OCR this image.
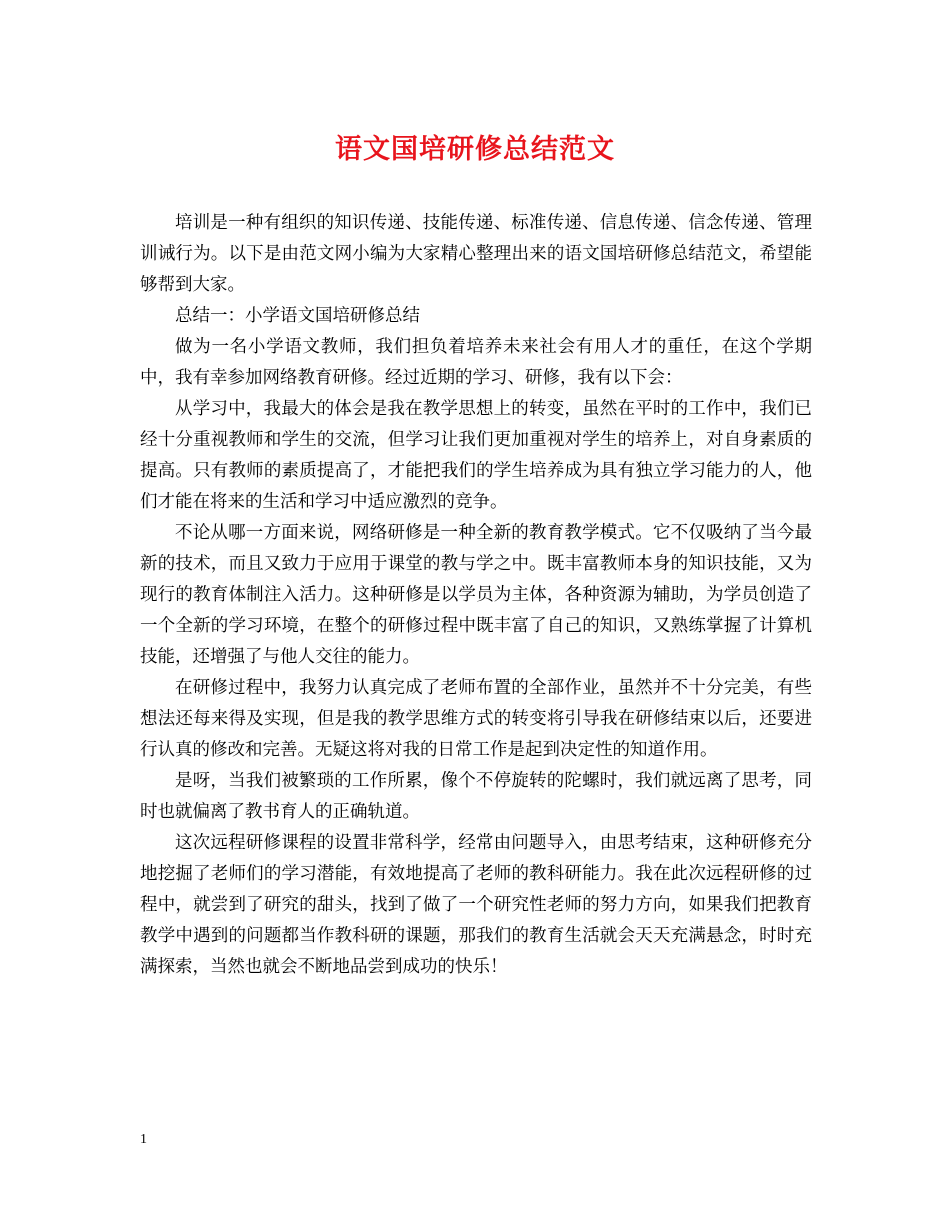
语文国培研修总结范文

培训是一种有组织的知识传递、技能传递、标准传递、信息传递、信念传递、管理训诫行为。以下是由范文网小编为大家精心整理出来的语文国培研修总结范文，希望能够帮到大家。

总结一：小学语文国培研修总结

做为一名小学语文教师，我们担负着培养未来社会有用人才的重任，在这个学期中，我有幸参加网络教育研修。经过近期的学习、研修，我有以下会：

从学习中，我最大的体会是我在教学思想上的转变，虽然在平时的工作中，我们已经十分重视教师和学生的交流，但学习让我们更加重视对学生的培养上，对自身素质的提高。只有教师的素质提高了，才能把我们的学生培养成为具有独立学习能力的人，他们才能在将来的生活和学习中适应激烈的竞争。

不论从哪一方面来说，网络研修是一种全新的教育教学模式。它不仅吸纳了当今最新的技术，而且又致力于应用于课堂的教与学之中。既丰富教师本身的知识技能，又为现行的教育体制注入活力。这种研修是以学员为主体，各种资源为辅助，为学员创造了一个全新的学习环境，在整个的研修过程中既丰富了自己的知识，又熟练掌握了计算机技能，还增强了与他人交往的能力。

在研修过程中，我努力认真完成了老师布置的全部作业，虽然并不十分完美，有些想法还每来得及实现，但是我的教学思维方式的转变将引导我在研修结束以后，还要进行认真的修改和完善。无疑这将对我的日常工作是起到决定性的知道作用。

是呀，当我们被繁琐的工作所累，像个不停旋转的陀螺时，我们就远离了思考，同时也就偏离了教书育人的正确轨道。

这次远程研修课程的设置非常科学，经常由问题导入，由思考结束，这种研修充分地挖掘了老师们的学习潜能，有效地提高了老师的教科研能力。我在此次远程研修的过程中，就尝到了研究的甜头，找到了做了一个研究性老师的努力方向，如果我们把教育教学中遇到的问题都当作教科研的课题，那我们的教育生活就会天天充满悬念，时时充满探索，当然也就会不断地品尝到成功的快乐！

1
